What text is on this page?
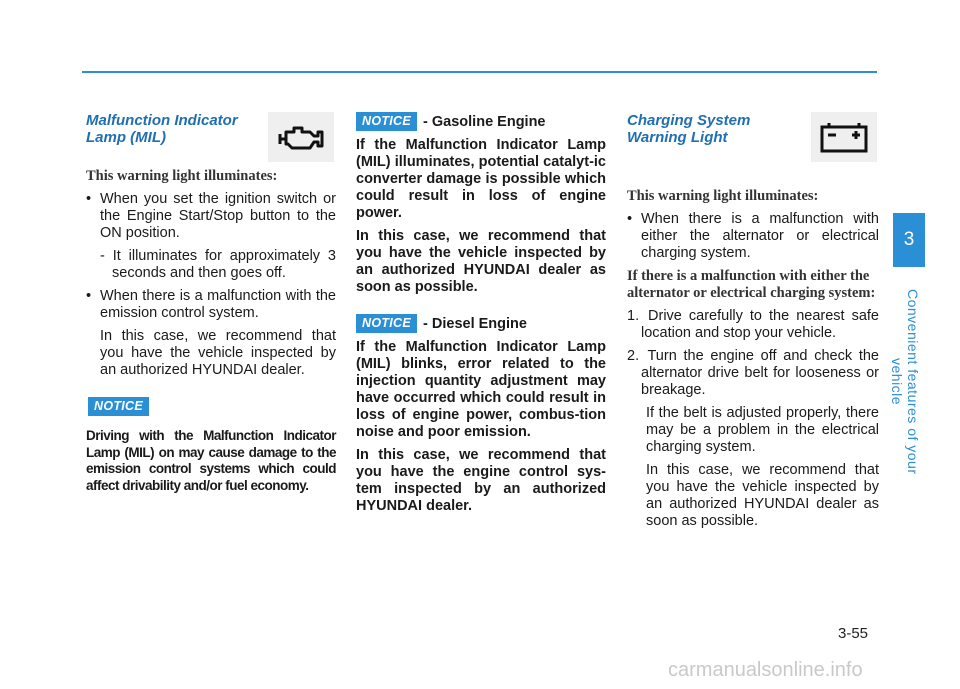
Malfunction Indicator
Lamp (MIL)
This warning light illuminates:
• When you set the ignition switch or the Engine Start/Stop button to the ON position.
- It illuminates for approximately 3 seconds and then goes off.
• When there is a malfunction with the emission control system.
In this case, we recommend that you have the vehicle inspected by an authorized HYUNDAI dealer.
NOTICE
Driving with the Malfunction Indicator Lamp (MIL) on may cause damage to the emission control systems which could affect drivability and/or fuel economy.
NOTICE - Gasoline Engine
If the Malfunction Indicator Lamp (MIL) illuminates, potential catalyt-ic converter damage is possible which could result in loss of engine power.
In this case, we recommend that you have the vehicle inspected by an authorized HYUNDAI dealer as soon as possible.
NOTICE - Diesel Engine
If the Malfunction Indicator Lamp (MIL) blinks, error related to the injection quantity adjustment may have occurred which could result in loss of engine power, combus-tion noise and poor emission.
In this case, we recommend that you have the engine control sys-tem inspected by an authorized HYUNDAI dealer.
Charging System
Warning Light
This warning light illuminates:
• When there is a malfunction with either the alternator or electrical charging system.
If there is a malfunction with either the alternator or electrical charging system:
1. Drive carefully to the nearest safe location and stop your vehicle.
2. Turn the engine off and check the alternator drive belt for looseness or breakage.
If the belt is adjusted properly, there may be a problem in the electrical charging system.
In this case, we recommend that you have the vehicle inspected by an authorized HYUNDAI dealer as soon as possible.
3
Convenient features of your vehicle
3-55
carmanualsonline.info
